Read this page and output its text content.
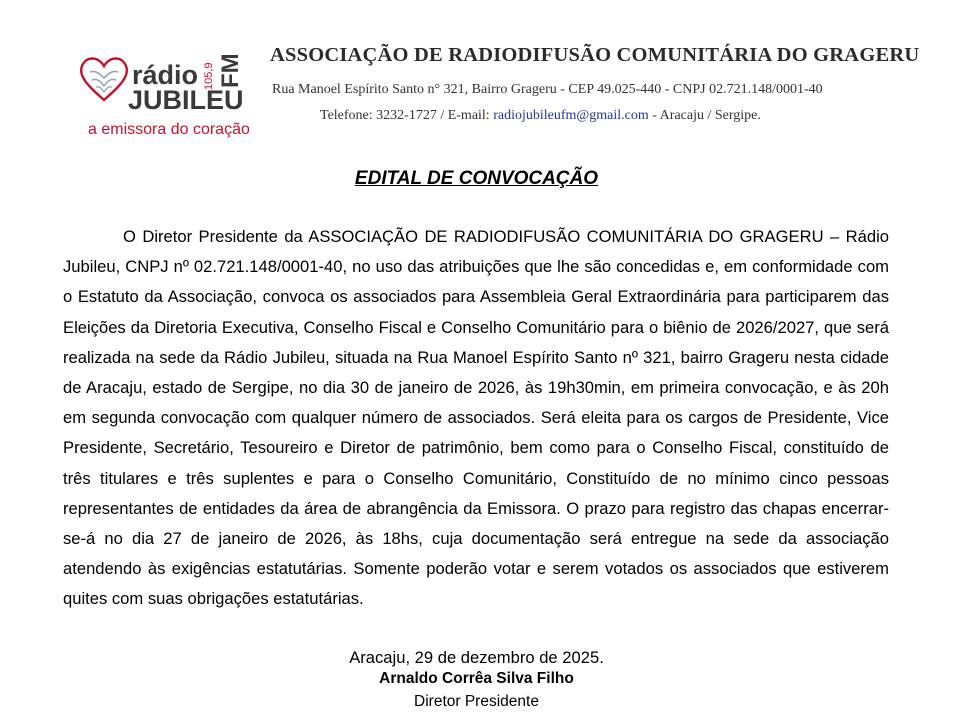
rádio
JUBILEU
105,9 FM
a emissora do coração
ASSOCIAÇÃO DE RADIODIFUSÃO COMUNITÁRIA DO GRAGERU
Rua Manoel Espírito Santo n° 321, Bairro Grageru - CEP 49.025-440 - CNPJ 02.721.148/0001-40
Telefone: 3232-1727 / E-mail: radiojubileufm@gmail.com - Aracaju / Sergipe.
EDITAL DE CONVOCAÇÃO

O Diretor Presidente da ASSOCIAÇÃO DE RADIODIFUSÃO COMUNITÁRIA DO GRAGERU – Rádio Jubileu, CNPJ nº 02.721.148/0001-40, no uso das atribuições que lhe são concedidas e, em conformidade com o Estatuto da Associação, convoca os associados para Assembleia Geral Extraordinária para participarem das Eleições da Diretoria Executiva, Conselho Fiscal e Conselho Comunitário para o biênio de 2026/2027, que será realizada na sede da Rádio Jubileu, situada na Rua Manoel Espírito Santo nº 321, bairro Grageru nesta cidade de Aracaju, estado de Sergipe, no dia 30 de janeiro de 2026, às 19h30min, em primeira convocação, e às 20h em segunda convocação com qualquer número de associados. Será eleita para os cargos de Presidente, Vice Presidente, Secretário, Tesoureiro e Diretor de patrimônio, bem como para o Conselho Fiscal, constituído de três titulares e três suplentes e para o Conselho Comunitário, Constituído de no mínimo cinco pessoas representantes de entidades da área de abrangência da Emissora. O prazo para registro das chapas encerrar-se-á no dia 27 de janeiro de 2026, às 18hs, cuja documentação será entregue na sede da associação atendendo às exigências estatutárias. Somente poderão votar e serem votados os associados que estiverem quites com suas obrigações estatutárias.

Aracaju, 29 de dezembro de 2025.
Arnaldo Corrêa Silva Filho
Diretor Presidente
